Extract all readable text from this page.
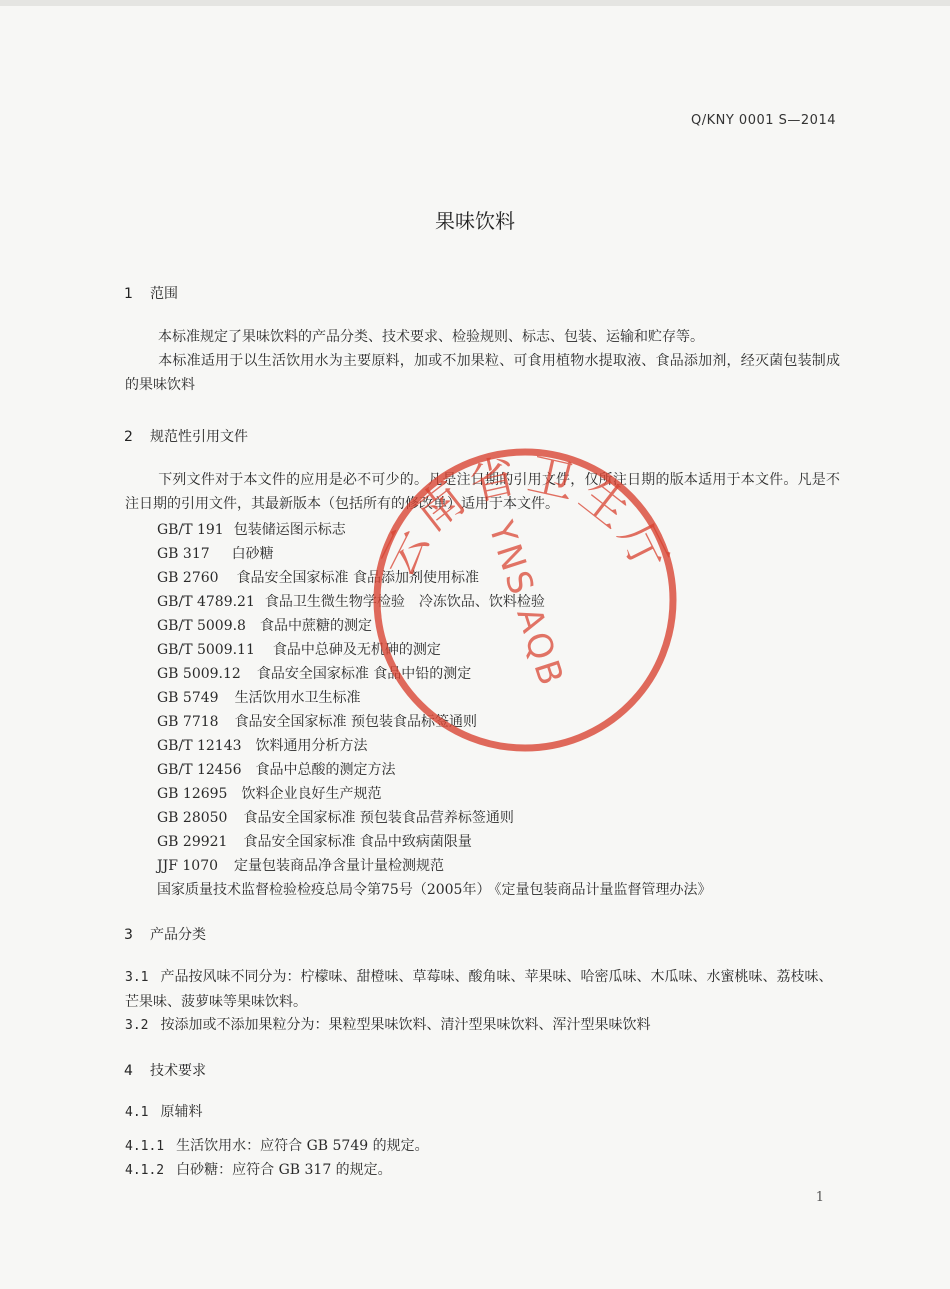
Q/KNY 0001 S—2014
果味饮料
1 范围
本标准规定了果味饮料的产品分类、技术要求、检验规则、标志、包装、运输和贮存等。
本标准适用于以生活饮用水为主要原料，加或不加果粒、可食用植物水提取液、食品添加剂，经灭菌包装制成的果味饮料
2 规范性引用文件
下列文件对于本文件的应用是必不可少的。凡是注日期的引用文件，仅所注日期的版本适用于本文件。凡是不注日期的引用文件，其最新版本（包括所有的修改单）适用于本文件。
GB/T 191 包装储运图示标志
GB 317 白砂糖
GB 2760 食品安全国家标准 食品添加剂使用标准
GB/T 4789.21 食品卫生微生物学检验　冷冻饮品、饮料检验
GB/T 5009.8 食品中蔗糖的测定
GB/T 5009.11 食品中总砷及无机砷的测定
GB 5009.12 食品安全国家标准 食品中铅的测定
GB 5749 生活饮用水卫生标准
GB 7718 食品安全国家标准 预包装食品标签通则
GB/T 12143 饮料通用分析方法
GB/T 12456 食品中总酸的测定方法
GB 12695 饮料企业良好生产规范
GB 28050 食品安全国家标准 预包装食品营养标签通则
GB 29921 食品安全国家标准 食品中致病菌限量
JJF 1070 定量包装商品净含量计量检测规范
国家质量技术监督检验检疫总局令第75号（2005年） 《定量包装商品计量监督管理办法》
3 产品分类
3.1 产品按风味不同分为：柠檬味、甜橙味、草莓味、酸角味、苹果味、哈密瓜味、木瓜味、水蜜桃味、荔枝味、芒果味、菠萝味等果味饮料。
3.2 按添加或不添加果粒分为：果粒型果味饮料、清汁型果味饮料、浑汁型果味饮料
4 技术要求
4.1 原辅料
4.1.1 生活饮用水：应符合 GB 5749 的规定。
4.1.2 白砂糖：应符合 GB 317 的规定。
1
云南省卫生厅
YNS AQB
